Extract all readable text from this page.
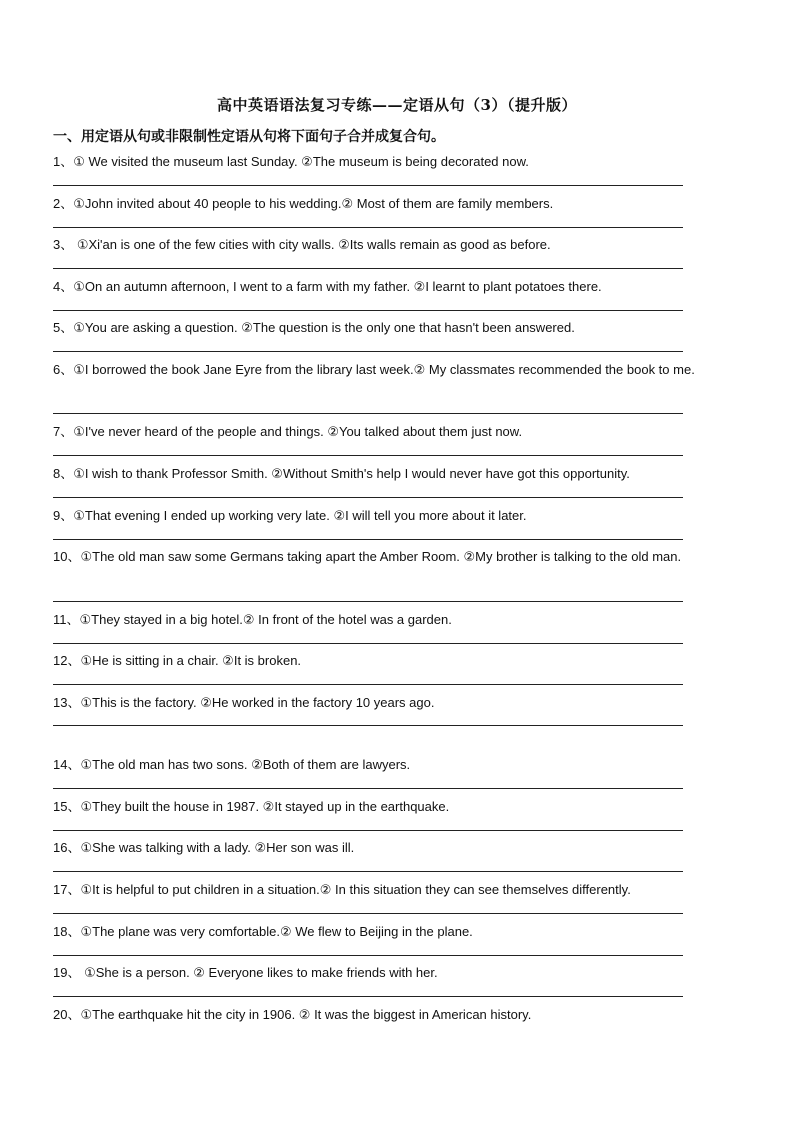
高中英语语法复习专练——定语从句（3）（提升版）
一、用定语从句或非限制性定语从句将下面句子合并成复合句。
1、① We visited the museum last Sunday. ②The museum is being decorated now.
2、①John invited about 40 people to his wedding.② Most of them are family members.
3、 ①Xi'an is one of the few cities with city walls. ②Its walls remain as good as before.
4、①On an autumn afternoon, I went to a farm with my father. ②I learnt to plant potatoes there.
5、①You are asking a question. ②The question is the only one that hasn't been answered.
6、①I borrowed the book Jane Eyre from the library last week.② My classmates recommended the book to me.
7、①I've never heard of the people and things. ②You talked about them just now.
8、①I wish to thank Professor Smith. ②Without Smith's help I would never have got this opportunity.
9、①That evening I ended up working very late. ②I will tell you more about it later.
10、①The old man saw some Germans taking apart the Amber Room. ②My brother is talking to the old man.
11、①They stayed in a big hotel.② In front of the hotel was a garden.
12、①He is sitting in a chair. ②It is broken.
13、①This is the factory. ②He worked in the factory 10 years ago.
14、①The old man has two sons. ②Both of them are lawyers.
15、①They built the house in 1987. ②It stayed up in the earthquake.
16、①She was talking with a lady. ②Her son was ill.
17、①It is helpful to put children in a situation.② In this situation they can see themselves differently.
18、①The plane was very comfortable.② We flew to Beijing in the plane.
19、 ①She is a person. ② Everyone likes to make friends with her.
20、①The earthquake hit the city in 1906. ② It was the biggest in American history.
